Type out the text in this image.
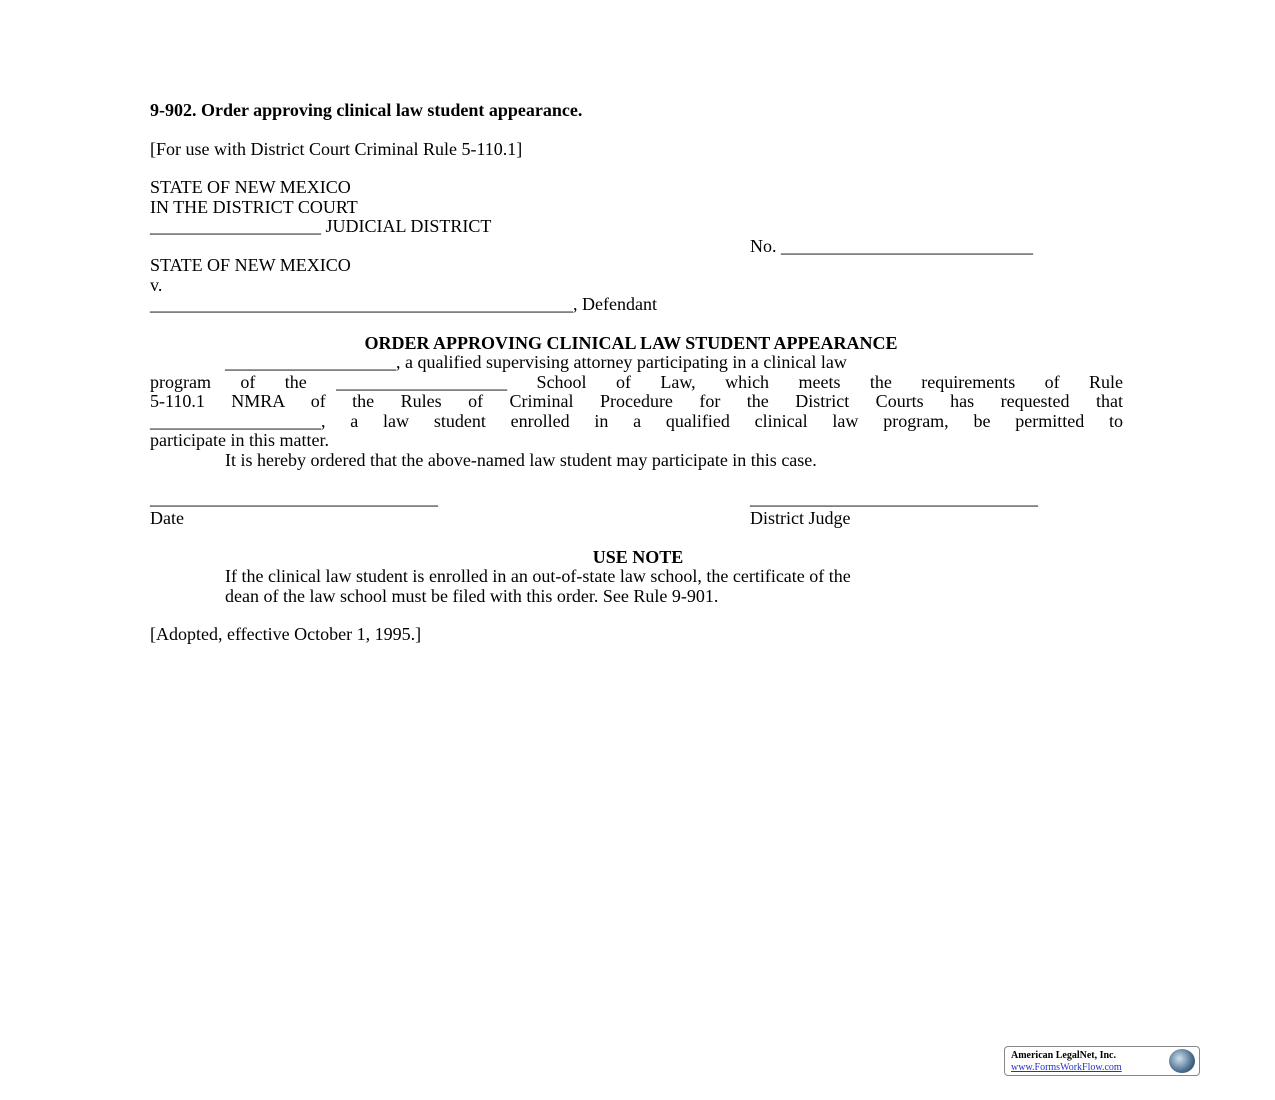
9-902. Order approving clinical law student appearance.
[For use with District Court Criminal Rule 5-110.1]
STATE OF NEW MEXICO
IN THE DISTRICT COURT
___________________ JUDICIAL DISTRICT
No. ____________________________
STATE OF NEW MEXICO
v.
_______________________________________________, Defendant
ORDER APPROVING CLINICAL LAW STUDENT APPEARANCE
___________________, a qualified supervising attorney participating in a clinical law
program of the ___________________ School of Law, which meets the requirements of Rule
5-110.1 NMRA of the Rules of Criminal Procedure for the District Courts has requested that
___________________, a law student enrolled in a qualified clinical law program, be permitted to
participate in this matter.
It is hereby ordered that the above-named law student may participate in this case.
________________________________	________________________________
Date	District Judge
USE NOTE
If the clinical law student is enrolled in an out-of-state law school, the certificate of the
dean of the law school must be filed with this order. See Rule 9-901.
[Adopted, effective October 1, 1995.]
American LegalNet, Inc.
www.FormsWorkFlow.com
